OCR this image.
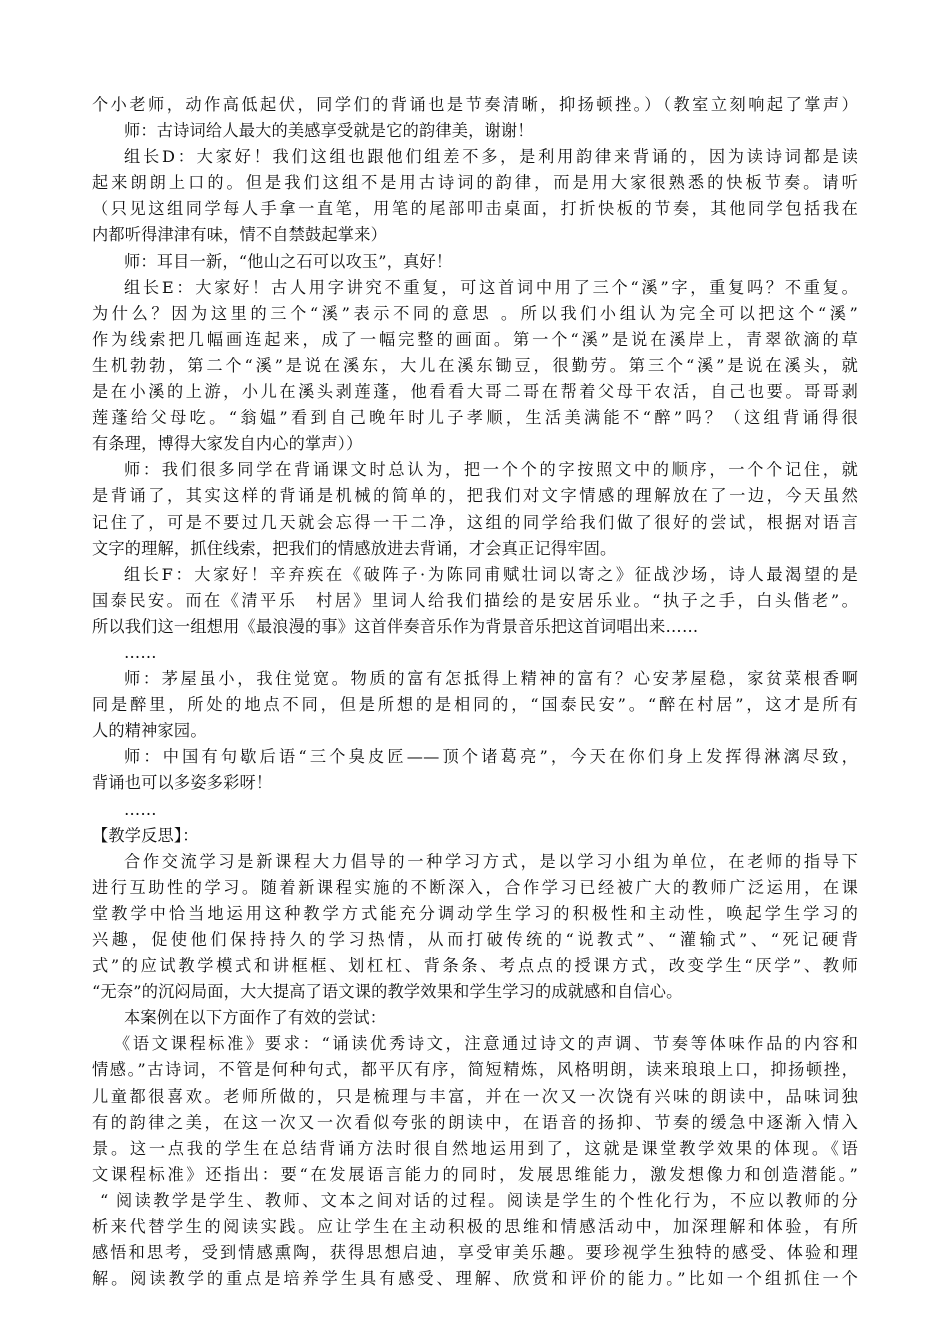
个小老师，动作高低起伏，同学们的背诵也是节奏清晰，抑扬顿挫。）（教室立刻响起了掌声）
师：古诗词给人最大的美感享受就是它的韵律美，谢谢！
组长D：大家好！我们这组也跟他们组差不多，是利用韵律来背诵的，因为读诗词都是读
起来朗朗上口的。但是我们这组不是用古诗词的韵律，而是用大家很熟悉的快板节奏。请听
（只见这组同学每人手拿一直笔，用笔的尾部叩击桌面，打折快板的节奏，其他同学包括我在
内都听得津津有味，情不自禁鼓起掌来）
师：耳目一新，“他山之石可以攻玉”，真好！
组长E：大家好！古人用字讲究不重复，可这首词中用了三个“溪”字，重复吗？不重复。
为什么？因为这里的三个“溪”表示不同的意思 。所以我们小组认为完全可以把这个“溪”
作为线索把几幅画连起来，成了一幅完整的画面。第一个“溪”是说在溪岸上，青翠欲滴的草
生机勃勃，第二个“溪”是说在溪东，大儿在溪东锄豆，很勤劳。第三个“溪”是说在溪头，就
是在小溪的上游，小儿在溪头剥莲蓬，他看看大哥二哥在帮着父母干农活，自己也要。哥哥剥
莲蓬给父母吃。“翁媪”看到自己晚年时儿子孝顺，生活美满能不“醉”吗？（这组背诵得很
有条理，博得大家发自内心的掌声））
师：我们很多同学在背诵课文时总认为，把一个个的字按照文中的顺序，一个个记住，就
是背诵了，其实这样的背诵是机械的简单的，把我们对文字情感的理解放在了一边，今天虽然
记住了，可是不要过几天就会忘得一干二净，这组的同学给我们做了很好的尝试，根据对语言
文字的理解，抓住线索，把我们的情感放进去背诵，才会真正记得牢固。
组长F：大家好！辛弃疾在《破阵子·为陈同甫赋壮词以寄之》征战沙场，诗人最渴望的是
国泰民安。而在《清平乐　村居》里词人给我们描绘的是安居乐业。“执子之手，白头偕老”。
所以我们这一组想用《最浪漫的事》这首伴奏音乐作为背景音乐把这首词唱出来……
……
师：茅屋虽小，我住觉宽。物质的富有怎抵得上精神的富有？心安茅屋稳，家贫菜根香啊
同是醉里，所处的地点不同，但是所想的是相同的，“国泰民安”。“醉在村居”，这才是所有
人的精神家园。
师：中国有句歇后语“三个臭皮匠——顶个诸葛亮”，今天在你们身上发挥得淋漓尽致，
背诵也可以多姿多彩呀！
……
【教学反思】：
合作交流学习是新课程大力倡导的一种学习方式，是以学习小组为单位，在老师的指导下
进行互助性的学习。随着新课程实施的不断深入，合作学习已经被广大的教师广泛运用，在课
堂教学中恰当地运用这种教学方式能充分调动学生学习的积极性和主动性，唤起学生学习的
兴趣，促使他们保持持久的学习热情，从而打破传统的“说教式”、“灌输式”、“死记硬背
式”的应试教学模式和讲框框、划杠杠、背条条、考点点的授课方式，改变学生“厌学”、教师
“无奈”的沉闷局面，大大提高了语文课的教学效果和学生学习的成就感和自信心。
本案例在以下方面作了有效的尝试：
《语文课程标准》要求：“诵读优秀诗文，注意通过诗文的声调、节奏等体味作品的内容和
情感。”古诗词，不管是何种句式，都平仄有序，简短精炼，风格明朗，读来琅琅上口，抑扬顿挫，
儿童都很喜欢。老师所做的，只是梳理与丰富，并在一次又一次饶有兴味的朗读中，品味词独
有的韵律之美，在这一次又一次看似夸张的朗读中，在语音的扬抑、节奏的缓急中逐渐入情入
景。这一点我的学生在总结背诵方法时很自然地运用到了，这就是课堂教学效果的体现。《语
文课程标准》还指出：要“在发展语言能力的同时，发展思维能力，激发想像力和创造潜能。”
“ 阅读教学是学生、教师、文本之间对话的过程。阅读是学生的个性化行为，不应以教师的分
析来代替学生的阅读实践。应让学生在主动积极的思维和情感活动中，加深理解和体验，有所
感悟和思考，受到情感熏陶，获得思想启迪，享受审美乐趣。要珍视学生独特的感受、体验和理
解。阅读教学的重点是培养学生具有感受、理解、欣赏和评价的能力。”比如一个组抓住一个
